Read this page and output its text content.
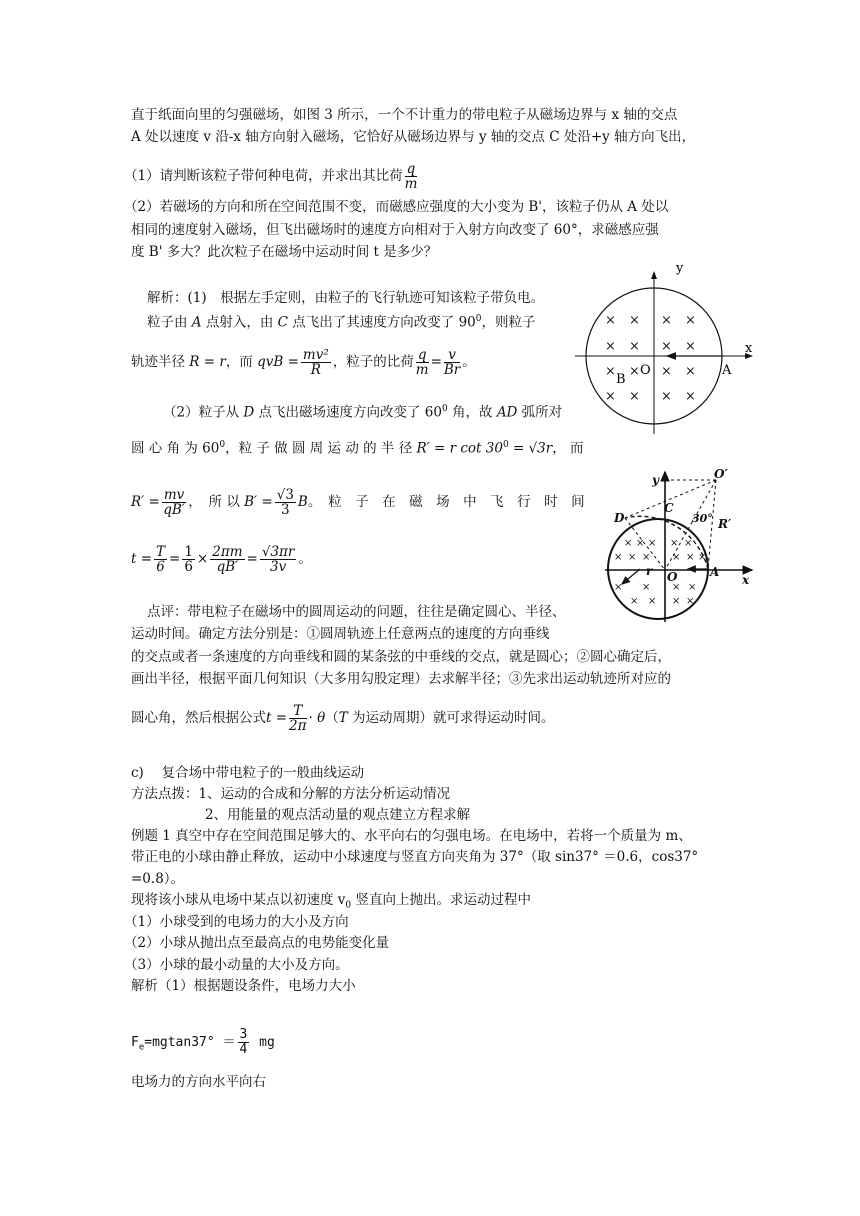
直于纸面向里的匀强磁场，如图 3 所示，一个不计重力的带电粒子从磁场边界与 x 轴的交点
A 处以速度 v 沿-x 轴方向射入磁场，它恰好从磁场边界与 y 轴的交点 C 处沿+y 轴方向飞出，
（1）请判断该粒子带何种电荷，并求出其比荷 $\frac{q}{m}$
（2）若磁场的方向和所在空间范围不变，而磁感应强度的大小变为 B'，该粒子仍从 A 处以
相同的速度射入磁场，但飞出磁场时的速度方向相对于入射方向改变了 60°，求磁感应强
度 B' 多大？此次粒子在磁场中运动时间 t 是多少？
解析：(1)　根据左手定则，由粒子的飞行轨迹可知该粒子带负电。
粒子由 A 点射入，由 C 点飞出了其速度方向改变了 $90^0$，则粒子
轨迹半径 R = r，而 qvB = $\frac{\text{mv²}}{R}$ ，粒子的比荷 $\frac{q}{m} = \frac{v}{Br}$ 。
（2）粒子从 D 点飞出磁场速度方向改变了 $60^0$ 角，故 AD 弧所对
圆 心 角 为 $60^0$，粒 子 做 圆 周 运 动 的 半 径 R′ = r $\cot 30^0 = √3r$， 而
$R' = \frac{mv}{qB'}$ ，　所 以 $B' = \frac{√3}{3}$ B。　粒　子　在　磁　场　中　飞　行　时　间
$t = \frac{T}{6} = \frac{1}{6} \times \frac{2\pi m}{qB'} = \frac{√3\pi r}{3v}$ 。
点评：带电粒子在磁场中的圆周运动的问题，往往是确定圆心、半径、
运动时间。确定方法分别是：①圆周轨迹上任意两点的速度的方向垂线
的交点或者一条速度的方向垂线和圆的某条弦的中垂线的交点，就是圆心；②圆心确定后，
画出半径，根据平面几何知识（大多用勾股定理）去求解半径；③先求出运动轨迹所对应的
圆心角，然后根据公式$t = \frac{T}{2\pi} \cdot \theta(T$ 为运动周期）就可求得运动时间。
c)　 复合场中带电粒子的一般曲线运动
方法点拨：1、运动的合成和分解的方法分析运动情况
2、用能量的观点活动量的观点建立方程求解
例题 1 真空中存在空间范围足够大的、水平向右的匀强电场。在电场中，若将一个质量为 m、
带正电的小球由静止释放，运动中小球速度与竖直方向夹角为 37°（取 sin37° ＝0.6，cos37°
=0.8）。
现将该小球从电场中某点以初速度 $v_0$ 竖直向上抛出。求运动过程中
（1）小球受到的电场力的大小及方向
（2）小球从抛出点至最高点的电势能变化量
（3）小球的最小动量的大小及方向。
解析（1）根据题设条件，电场力大小
$F_e=mgtan37^\circ = \frac{3}{4}$ mg
电场力的方向水平向右
× × × ×
× × × ×
× × × ×
× × × ×
y
x
O	A
B
× × × × ×
× × × × × ×
× × × ×
× × × ×
y
x
O
O′
A
C
D	R′
r
30°
